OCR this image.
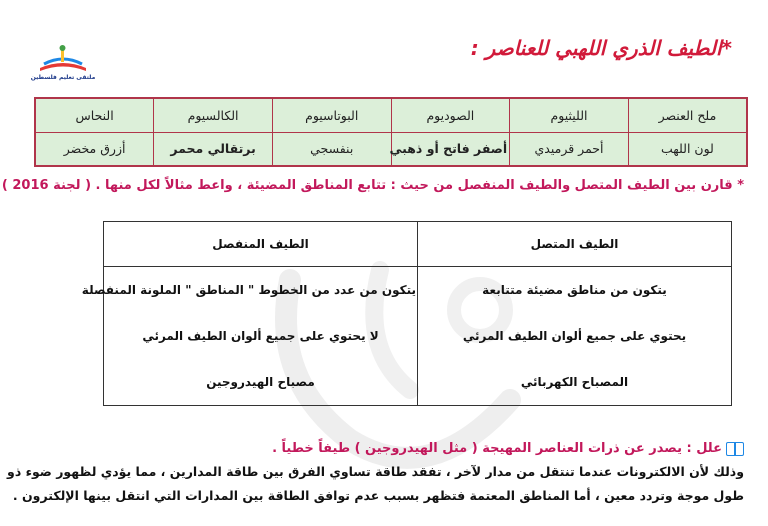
*الطيف الذري اللهبي للعناصر :
ملتقى تعليم فلسطين
ملح العنصر	الليثيوم	الصوديوم	البوتاسيوم	الكالسيوم	النحاس
لون اللهب	أحمر قرميدي	أصفر فاتح أو ذهبي	بنفسجي	برتقالي محمر	أزرق مخضر
* قارن بين الطيف المتصل والطيف المنفصل من حيث : تتابع المناطق المضيئة ، واعط مثالاً لكل منها . ( لجنة 2016 )
الطيف المتصل	الطيف المنفصل
يتكون من مناطق مضيئة متتابعة	يتكون من عدد من الخطوط " المناطق " الملونة المنفصلة
يحتوي على جميع ألوان الطيف المرئي	لا يحتوي على جميع ألوان الطيف المرئي
المصباح الكهربائي	مصباح الهيدروجين
علل : يصدر عن ذرات العناصر المهيجة ( مثل الهيدروجين ) طيفاً خطياً .
وذلك لأن الالكترونات عندما تنتقل من مدار لآخر ، تفقد طاقة تساوي الفرق بين طاقة المدارين ، مما يؤدي لظهور ضوء ذو
طول موجة وتردد معين ، أما المناطق المعتمة فتظهر بسبب عدم توافق الطاقة بين المدارات التي انتقل بينها الإلكترون .
